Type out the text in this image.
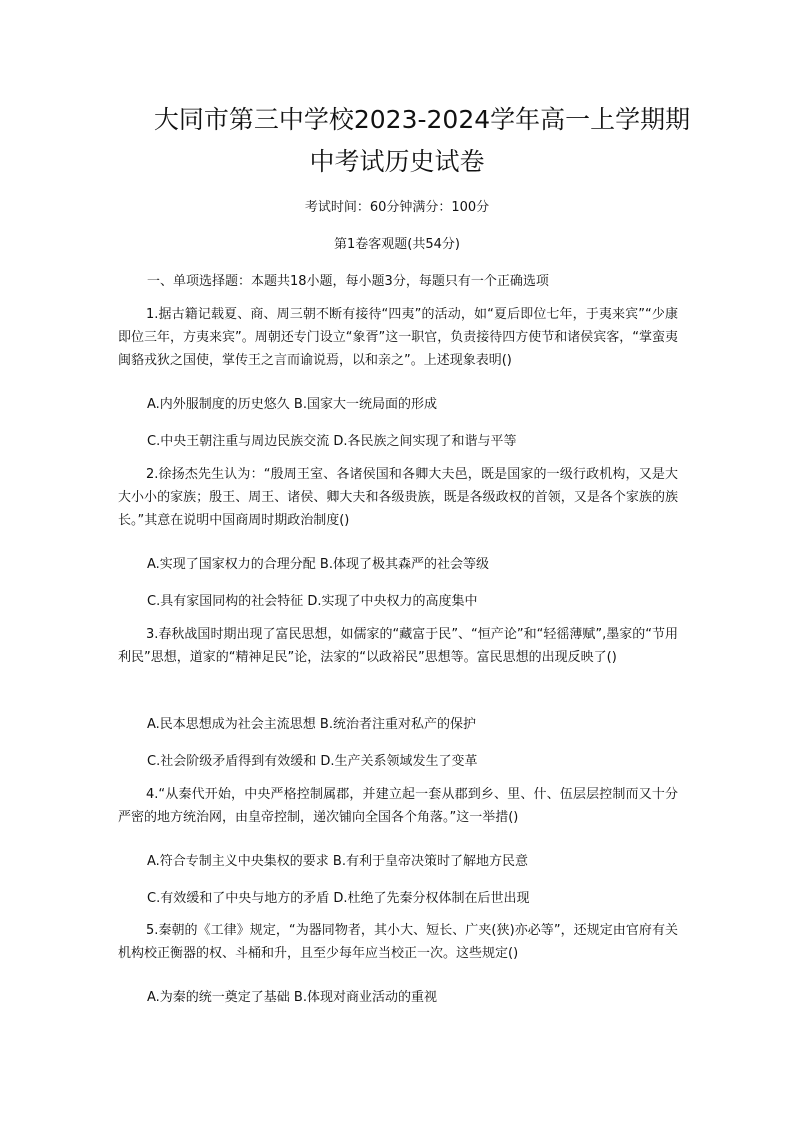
大同市第三中学校2023-2024学年高一上学期期
中考试历史试卷
考试时间：60分钟满分：100分
第1卷客观题(共54分)
一、单项选择题：本题共18小题，每小题3分，每题只有一个正确选项
1.据古籍记载夏、商、周三朝不断有接待“四夷”的活动，如“夏后即位七年，于夷来宾”“少康即位三年，方夷来宾”。周朝还专门设立“象胥”这一职官，负责接待四方使节和诸侯宾客，“掌蛮夷闽貉戎狄之国使，掌传王之言而谕说焉，以和亲之”。上述现象表明()
A.内外服制度的历史悠久 B.国家大一统局面的形成
C.中央王朝注重与周边民族交流 D.各民族之间实现了和谐与平等
2.徐扬杰先生认为：“殷周王室、各诸侯国和各卿大夫邑，既是国家的一级行政机构，又是大大小小的家族；殷王、周王、诸侯、卿大夫和各级贵族，既是各级政权的首领，又是各个家族的族长。”其意在说明中国商周时期政治制度()
A.实现了国家权力的合理分配 B.体现了极其森严的社会等级
C.具有家国同构的社会特征 D.实现了中央权力的高度集中
3.春秋战国时期出现了富民思想，如儒家的“藏富于民”、“恒产论”和“轻徭薄赋”,墨家的“节用利民”思想，道家的“精神足民”论，法家的“以政裕民”思想等。富民思想的出现反映了()
A.民本思想成为社会主流思想 B.统治者注重对私产的保护
C.社会阶级矛盾得到有效缓和 D.生产关系领域发生了变革
4.“从秦代开始，中央严格控制属郡，并建立起一套从郡到乡、里、什、伍层层控制而又十分严密的地方统治网，由皇帝控制，递次铺向全国各个角落。”这一举措()
A.符合专制主义中央集权的要求 B.有利于皇帝决策时了解地方民意
C.有效缓和了中央与地方的矛盾 D.杜绝了先秦分权体制在后世出现
5.秦朝的《工律》规定，“为器同物者，其小大、短长、广夹(狭)亦必等”，还规定由官府有关机构校正衡器的权、斗桶和升，且至少每年应当校正一次。这些规定()
A.为秦的统一奠定了基础 B.体现对商业活动的重视
